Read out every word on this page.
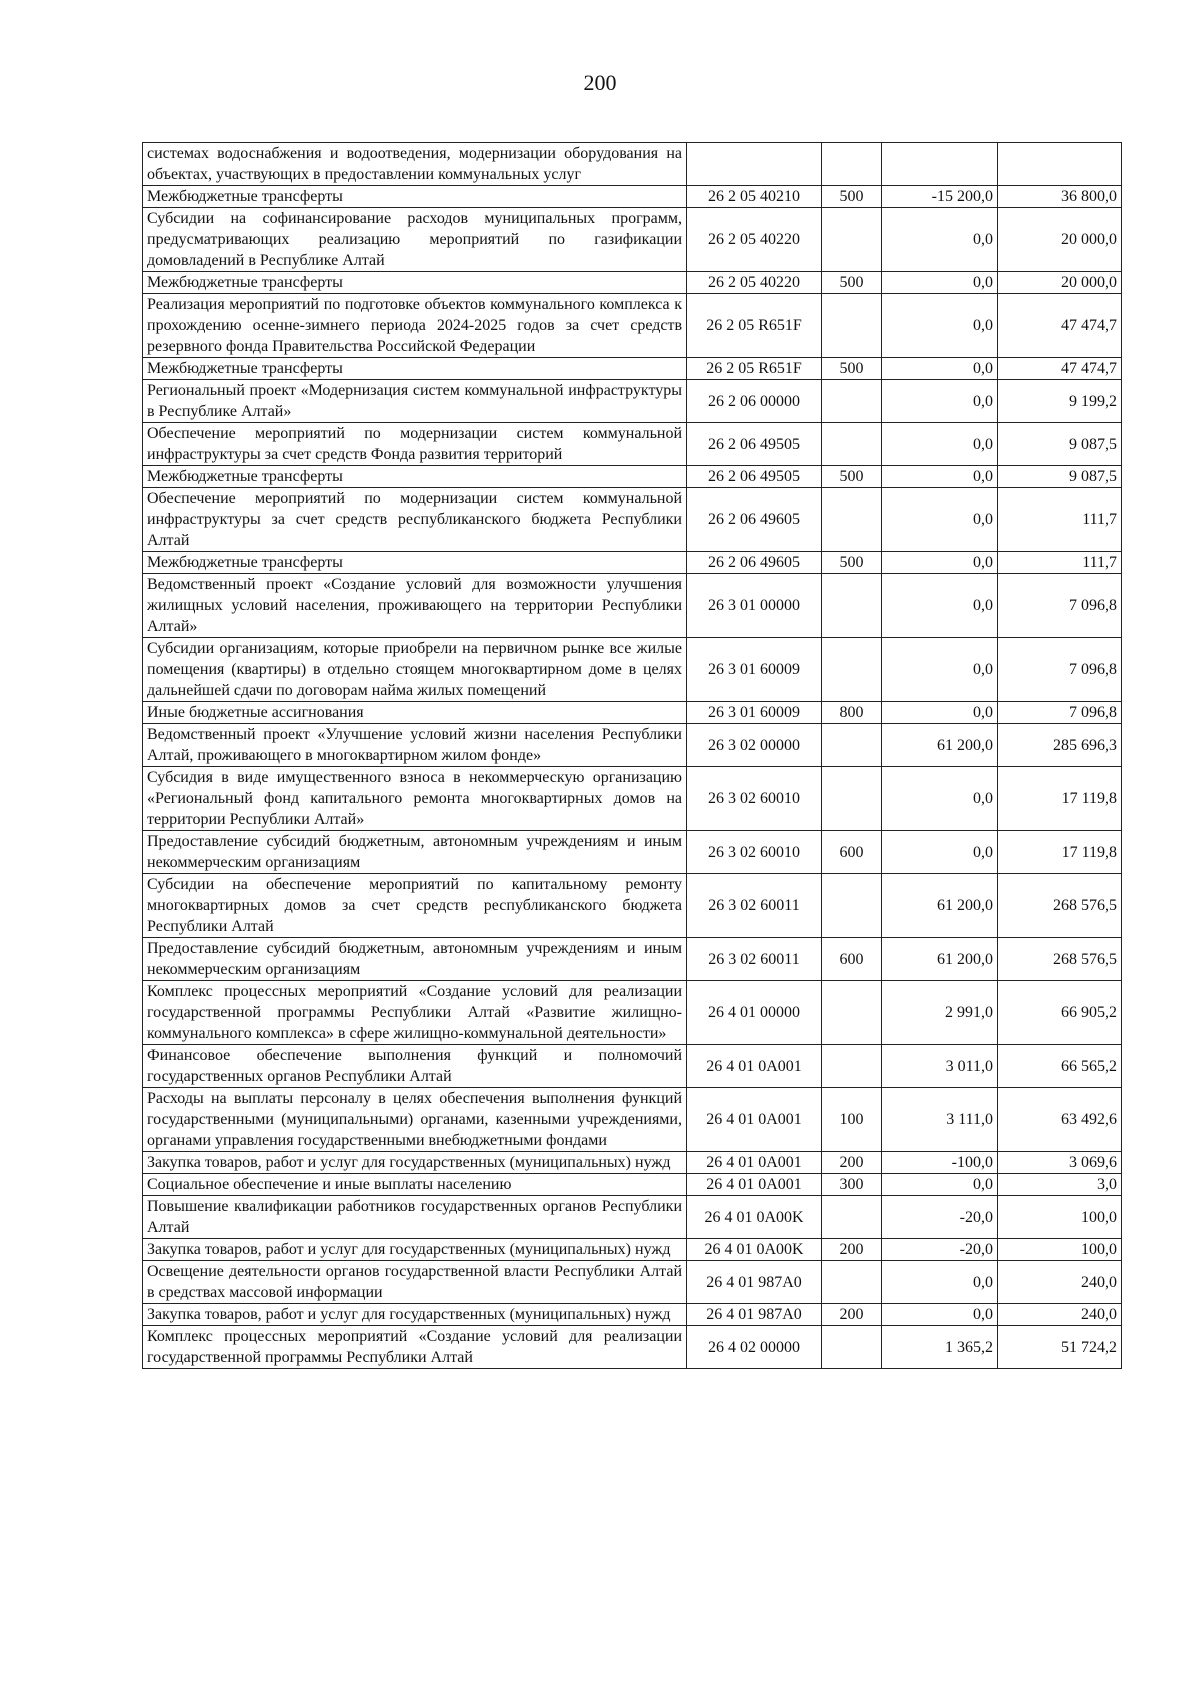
200
системах водоснабжения и водоотведения, модернизации оборудования на объектах, участвующих в предоставлении коммунальных услуг				
Межбюджетные трансферты	26 2 05 40210	500	-15 200,0	36 800,0
Субсидии на софинансирование расходов муниципальных программ, предусматривающих реализацию мероприятий по газификации домовладений в Республике Алтай	26 2 05 40220		0,0	20 000,0
Межбюджетные трансферты	26 2 05 40220	500	0,0	20 000,0
Реализация мероприятий по подготовке объектов коммунального комплекса к прохождению осенне-зимнего периода 2024-2025 годов за счет средств резервного фонда Правительства Российской Федерации	26 2 05 R651F		0,0	47 474,7
Межбюджетные трансферты	26 2 05 R651F	500	0,0	47 474,7
Региональный проект «Модернизация систем коммунальной инфраструктуры в Республике Алтай»	26 2 06 00000		0,0	9 199,2
Обеспечение мероприятий по модернизации систем коммунальной инфраструктуры за счет средств Фонда развития территорий	26 2 06 49505		0,0	9 087,5
Межбюджетные трансферты	26 2 06 49505	500	0,0	9 087,5
Обеспечение мероприятий по модернизации систем коммунальной инфраструктуры за счет средств республиканского бюджета Республики Алтай	26 2 06 49605		0,0	111,7
Межбюджетные трансферты	26 2 06 49605	500	0,0	111,7
Ведомственный проект «Создание условий для возможности улучшения жилищных условий населения, проживающего на территории Республики Алтай»	26 3 01 00000		0,0	7 096,8
Субсидии организациям, которые приобрели на первичном рынке все жилые помещения (квартиры) в отдельно стоящем многоквартирном доме в целях дальнейшей сдачи по договорам найма жилых помещений	26 3 01 60009		0,0	7 096,8
Иные бюджетные ассигнования	26 3 01 60009	800	0,0	7 096,8
Ведомственный проект «Улучшение условий жизни населения Республики Алтай, проживающего в многоквартирном жилом фонде»	26 3 02 00000		61 200,0	285 696,3
Субсидия в виде имущественного взноса в некоммерческую организацию «Региональный фонд капитального ремонта многоквартирных домов на территории Республики Алтай»	26 3 02 60010		0,0	17 119,8
Предоставление субсидий бюджетным, автономным учреждениям и иным некоммерческим организациям	26 3 02 60010	600	0,0	17 119,8
Субсидии на обеспечение мероприятий по капитальному ремонту многоквартирных домов за счет средств республиканского бюджета Республики Алтай	26 3 02 60011		61 200,0	268 576,5
Предоставление субсидий бюджетным, автономным учреждениям и иным некоммерческим организациям	26 3 02 60011	600	61 200,0	268 576,5
Комплекс процессных мероприятий «Создание условий для реализации государственной программы Республики Алтай «Развитие жилищно-коммунального комплекса» в сфере жилищно-коммунальной деятельности»	26 4 01 00000		2 991,0	66 905,2
Финансовое обеспечение выполнения функций и полномочий государственных органов Республики Алтай	26 4 01 0A001		3 011,0	66 565,2
Расходы на выплаты персоналу в целях обеспечения выполнения функций государственными (муниципальными) органами, казенными учреждениями, органами управления государственными внебюджетными фондами	26 4 01 0A001	100	3 111,0	63 492,6
Закупка товаров, работ и услуг для государственных (муниципальных) нужд	26 4 01 0A001	200	-100,0	3 069,6
Социальное обеспечение и иные выплаты населению	26 4 01 0A001	300	0,0	3,0
Повышение квалификации работников государственных органов Республики Алтай	26 4 01 0A00K		-20,0	100,0
Закупка товаров, работ и услуг для государственных (муниципальных) нужд	26 4 01 0A00K	200	-20,0	100,0
Освещение деятельности органов государственной власти Республики Алтай в средствах массовой информации	26 4 01 987A0		0,0	240,0
Закупка товаров, работ и услуг для государственных (муниципальных) нужд	26 4 01 987A0	200	0,0	240,0
Комплекс процессных мероприятий «Создание условий для реализации государственной программы Республики Алтай	26 4 02 00000		1 365,2	51 724,2
